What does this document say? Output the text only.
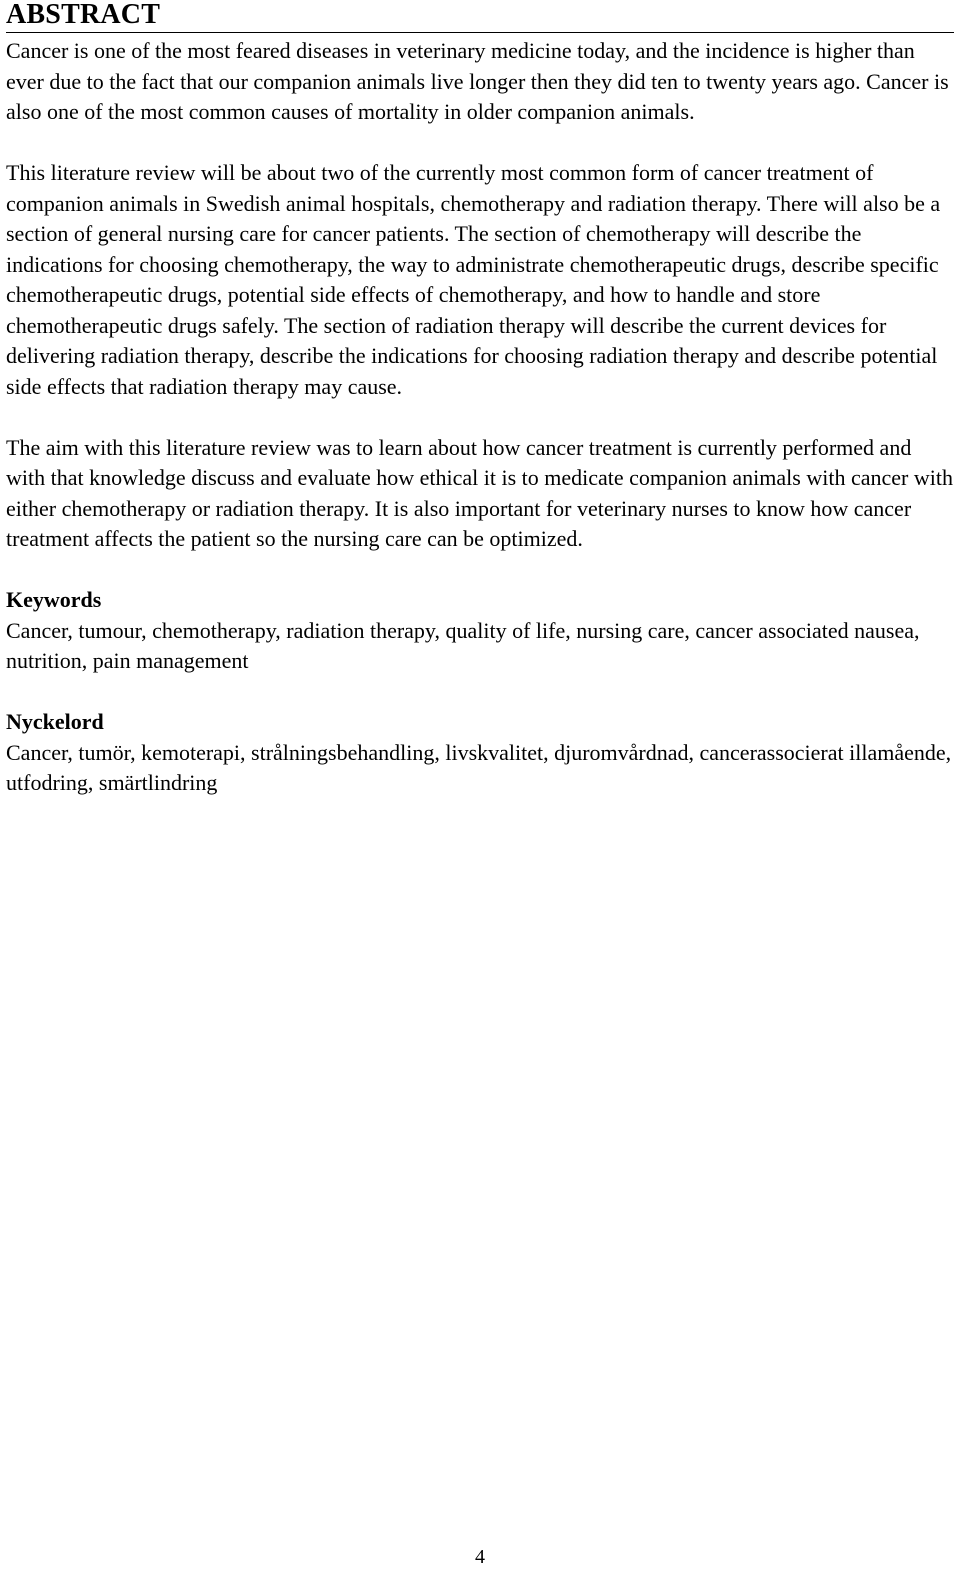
ABSTRACT

Cancer is one of the most feared diseases in veterinary medicine today, and the incidence is higher than ever due to the fact that our companion animals live longer then they did ten to twenty years ago. Cancer is also one of the most common causes of mortality in older companion animals.

This literature review will be about two of the currently most common form of cancer treatment of companion animals in Swedish animal hospitals, chemotherapy and radiation therapy. There will also be a section of general nursing care for cancer patients. The section of chemotherapy will describe the indications for choosing chemotherapy, the way to administrate chemotherapeutic drugs, describe specific chemotherapeutic drugs, potential side effects of chemotherapy, and how to handle and store chemotherapeutic drugs safely. The section of radiation therapy will describe the current devices for delivering radiation therapy, describe the indications for choosing radiation therapy and describe potential side effects that radiation therapy may cause.

The aim with this literature review was to learn about how cancer treatment is currently performed and with that knowledge discuss and evaluate how ethical it is to medicate companion animals with cancer with either chemotherapy or radiation therapy. It is also important for veterinary nurses to know how cancer treatment affects the patient so the nursing care can be optimized.

Keywords

Cancer, tumour, chemotherapy, radiation therapy, quality of life, nursing care, cancer associated nausea, nutrition, pain management

Nyckelord

Cancer, tumör, kemoterapi, strålningsbehandling, livskvalitet, djuromvårdnad, cancerassocierat illamående, utfodring, smärtlindring

4
